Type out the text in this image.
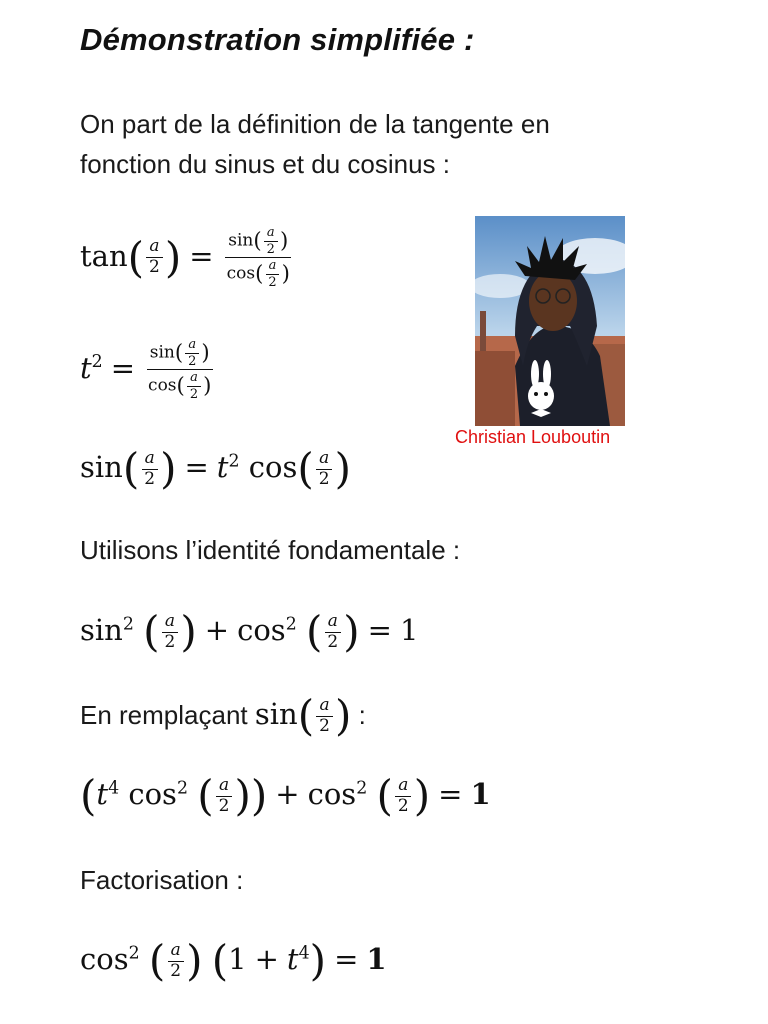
Démonstration simplifiée :
On part de la définition de la tangente en
fonction du sinus et du cosinus :
$\tan( \frac{a}{2}$ ) = $\frac{\sin( \frac{a}{2} )}{\cos( \frac{a}{2} )}$
$t^2 = \frac{\sin( \frac{a}{2} )}{\cos( \frac{a}{2} )}$
$\sin( \frac{a}{2}$ ) = $t^2$ $\cos( \frac{a}{2}$ )
Christian Louboutin
Utilisons l’identité fondamentale :
$\sin^2$ ( $\frac{a}{2}$ ) + $\cos^2$ ( $\frac{a}{2}$ ) = 1
En remplaçant $\sin( \frac{a}{2}$ ) :
($t^4$ $\cos^2$ ( $\frac{a}{2}$ )) + $\cos^2$ ( $\frac{a}{2}$ ) = 1
Factorisation :
$\cos^2$ ( $\frac{a}{2}$ ) $(1 + t^4) = 1$
